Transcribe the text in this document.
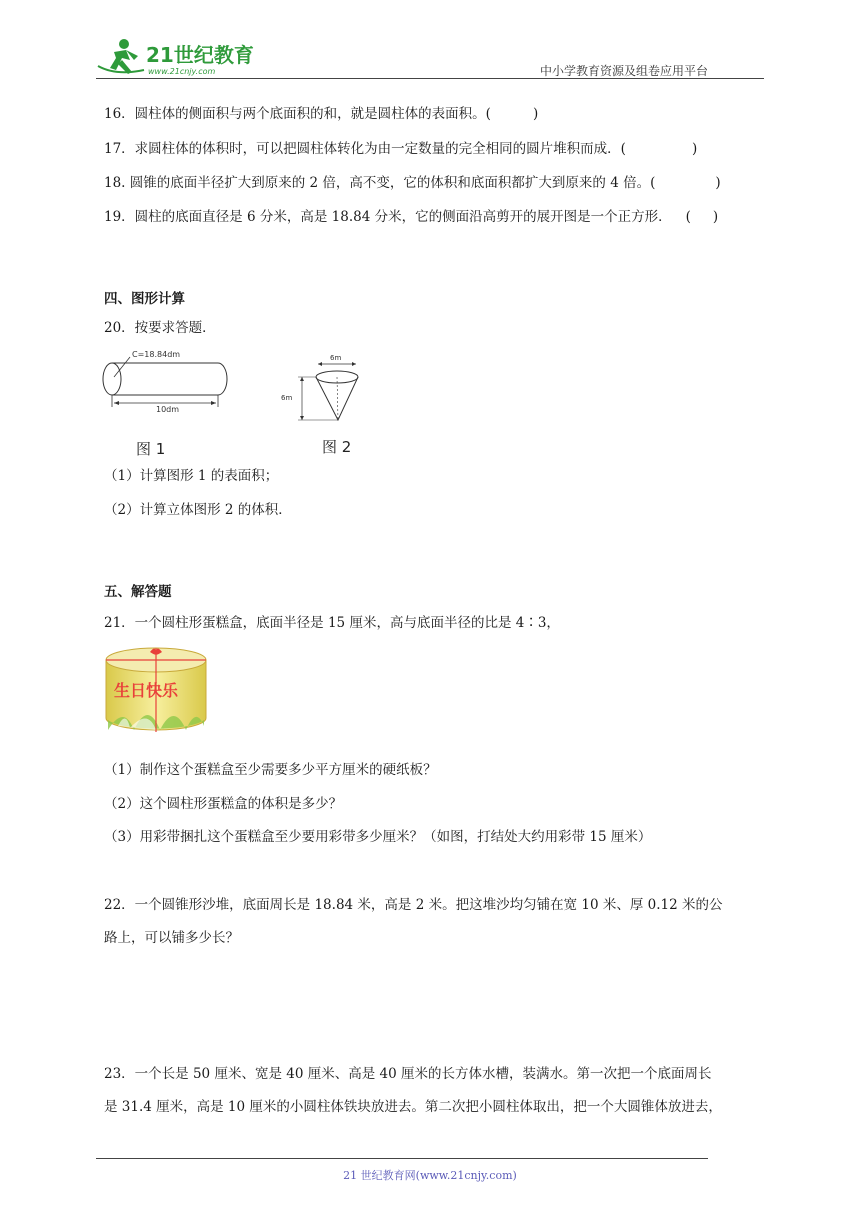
21世纪教育
www.21cnjy.com	中小学教育资源及组卷应用平台
16．圆柱体的侧面积与两个底面积的和，就是圆柱体的表面积。(	)
17．求圆柱体的体积时，可以把圆柱体转化为由一定数量的完全相同的圆片堆积而成．(	)
18. 圆锥的底面半径扩大到原来的 2 倍，高不变，它的体积和底面积都扩大到原来的 4 倍。(	)
19．圆柱的底面直径是 6 分米，高是 18.84 分米，它的侧面沿高剪开的展开图是一个正方形． ( )
四、图形计算
20．按要求答题．
C=18.84dm
10dm
图 1
6m
6m
图 2
（1）计算图形 1 的表面积；
（2）计算立体图形 2 的体积．
五、解答题
21．一个圆柱形蛋糕盒，底面半径是 15 厘米，高与底面半径的比是 4∶3，
生日快乐
（1）制作这个蛋糕盒至少需要多少平方厘米的硬纸板？
（2）这个圆柱形蛋糕盒的体积是多少？
（3）用彩带捆扎这个蛋糕盒至少要用彩带多少厘米？（如图，打结处大约用彩带 15 厘米）
22．一个圆锥形沙堆，底面周长是 18.84 米，高是 2 米。把这堆沙均匀铺在宽 10 米、厚 0.12 米的公
路上，可以铺多少长？
23．一个长是 50 厘米、宽是 40 厘米、高是 40 厘米的长方体水槽，装满水。第一次把一个底面周长
是 31.4 厘米，高是 10 厘米的小圆柱体铁块放进去。第二次把小圆柱体取出，把一个大圆锥体放进去，
21 世纪教育网(www.21cnjy.com)
